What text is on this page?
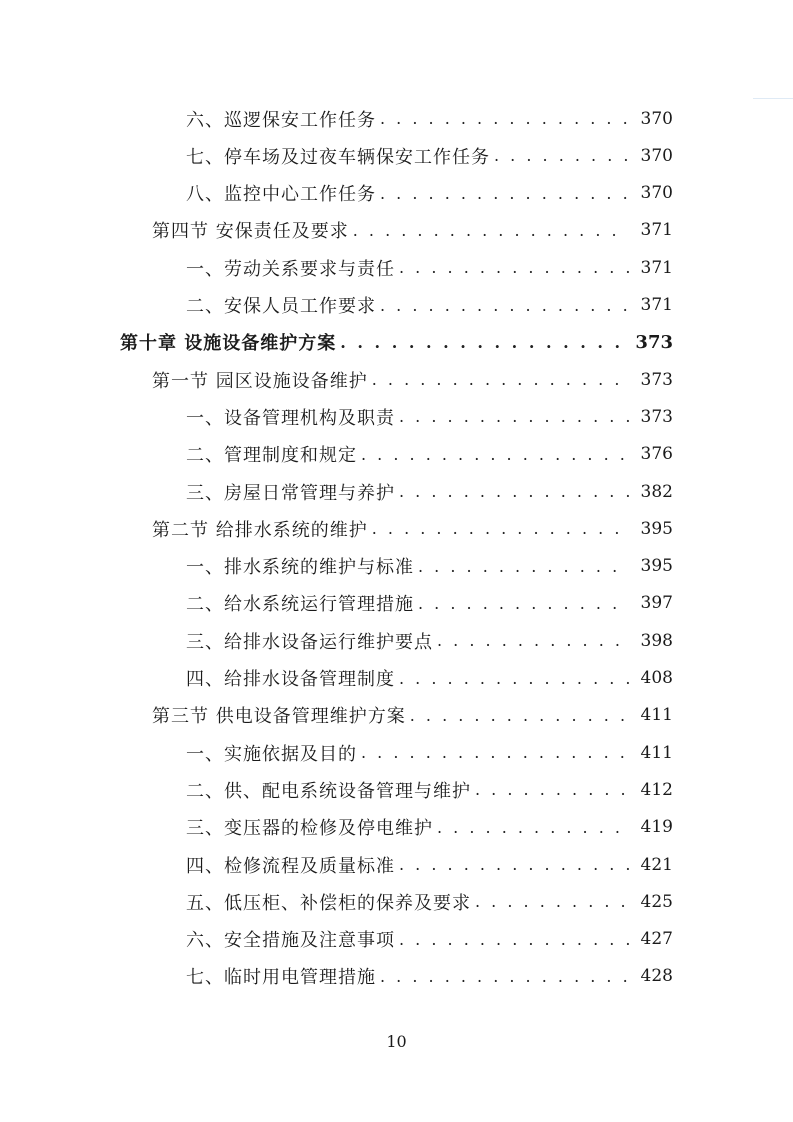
六、巡逻保安工作任务 . . .	370
七、停车场及过夜车辆保安工作任务 . . .	370
八、监控中心工作任务 . . .	370
第四节 安保责任及要求 . . .	371
一、劳动关系要求与责任 . . .	371
二、安保人员工作要求 . . .	371
第十章 设施设备维护方案 . . .	373
第一节 园区设施设备维护 . . .	373
一、设备管理机构及职责 . . .	373
二、管理制度和规定 . . .	376
三、房屋日常管理与养护 . . .	382
第二节 给排水系统的维护 . . .	395
一、排水系统的维护与标准 . . .	395
二、给水系统运行管理措施 . . .	397
三、给排水设备运行维护要点 . . .	398
四、给排水设备管理制度 . . .	408
第三节 供电设备管理维护方案 . . .	411
一、实施依据及目的 . . .	411
二、供、配电系统设备管理与维护 . . .	412
三、变压器的检修及停电维护 . . .	419
四、检修流程及质量标准 . . .	421
五、低压柜、补偿柜的保养及要求 . . .	425
六、安全措施及注意事项 . . .	427
七、临时用电管理措施 . . .	428
10
